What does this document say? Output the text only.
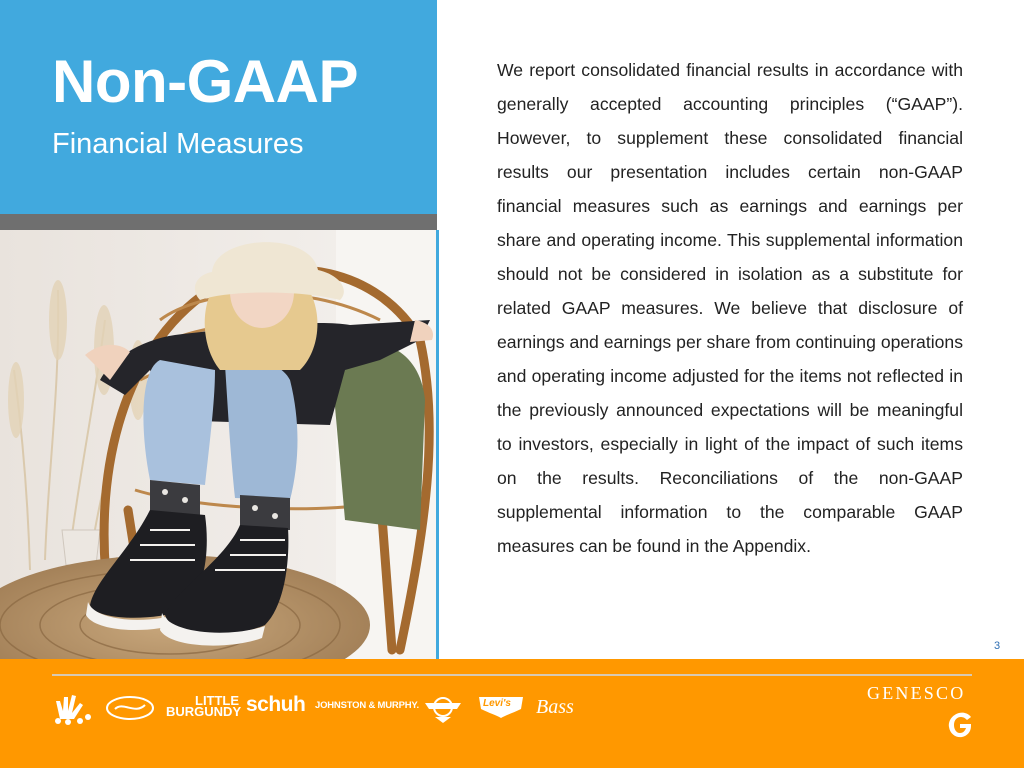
Non-GAAP
Financial Measures

We report consolidated financial results in accordance with generally accepted accounting principles (“GAAP”). However, to supplement these consolidated financial results our presentation includes certain non-GAAP financial measures such as earnings and earnings per share and operating income. This supplemental information should not be considered in isolation as a substitute for related GAAP measures. We believe that disclosure of earnings and earnings per share from continuing operations and operating income adjusted for the items not reflected in the previously announced expectations will be meaningful to investors, especially in light of the impact of such items on the results. Reconciliations of the non-GAAP supplemental information to the comparable GAAP measures can be found in the Appendix.

3
LITTLE
BURGUNDY schuh JOHNSTON & MURPHY.	Levi's Bass
GENESCO
